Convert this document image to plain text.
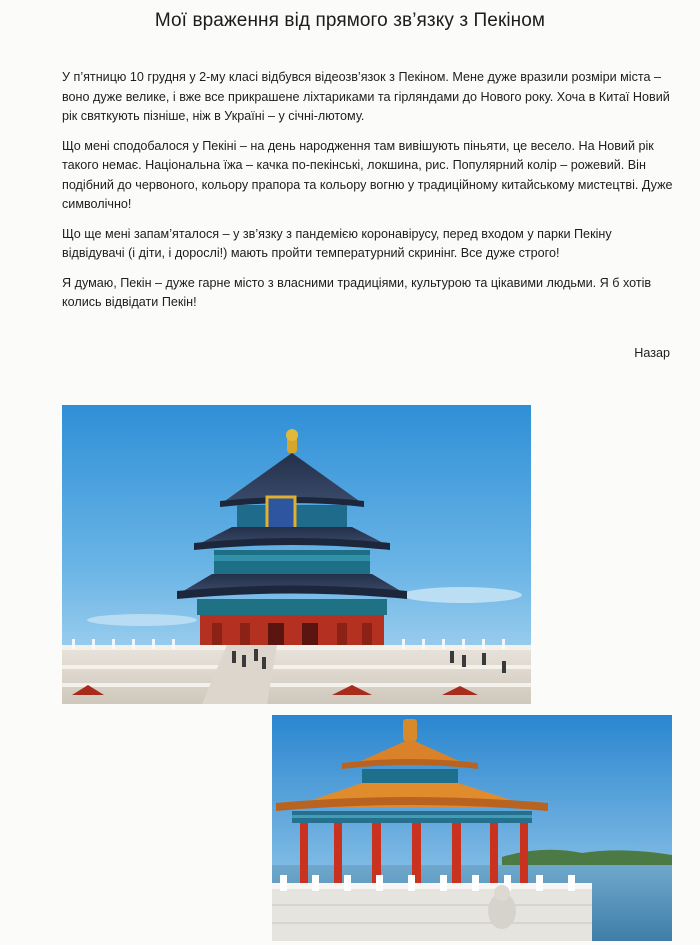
Мої враження від прямого зв’язку з Пекіном

У п’ятницю 10 грудня у 2-му класі відбувся відеозв’язок з Пекіном. Мене дуже вразили розміри міста – воно дуже велике, і вже все прикрашене ліхтариками та гірляндами до Нового року. Хоча в Китаї Новий рік святкують пізніше, ніж в Україні – у січні-лютому.

Що мені сподобалося у Пекіні – на день народження там вивішують піньяти, це весело. На Новий рік такого немає. Національна їжа – качка по-пекінські, локшина, рис. Популярний колір – рожевий. Він подібний до червоного, кольору прапора та кольору вогню у традиційному китайському мистецтві. Дуже символічно!

Що ще мені запам’яталося – у зв’язку з пандемією коронавірусу, перед входом у парки Пекіну відвідувачі (і діти, і дорослі!) мають пройти температурний скринінг. Все дуже строго!

Я думаю, Пекін – дуже гарне місто з власними традиціями, культурою та цікавими людьми. Я б хотів колись відвідати Пекін!

Назар
